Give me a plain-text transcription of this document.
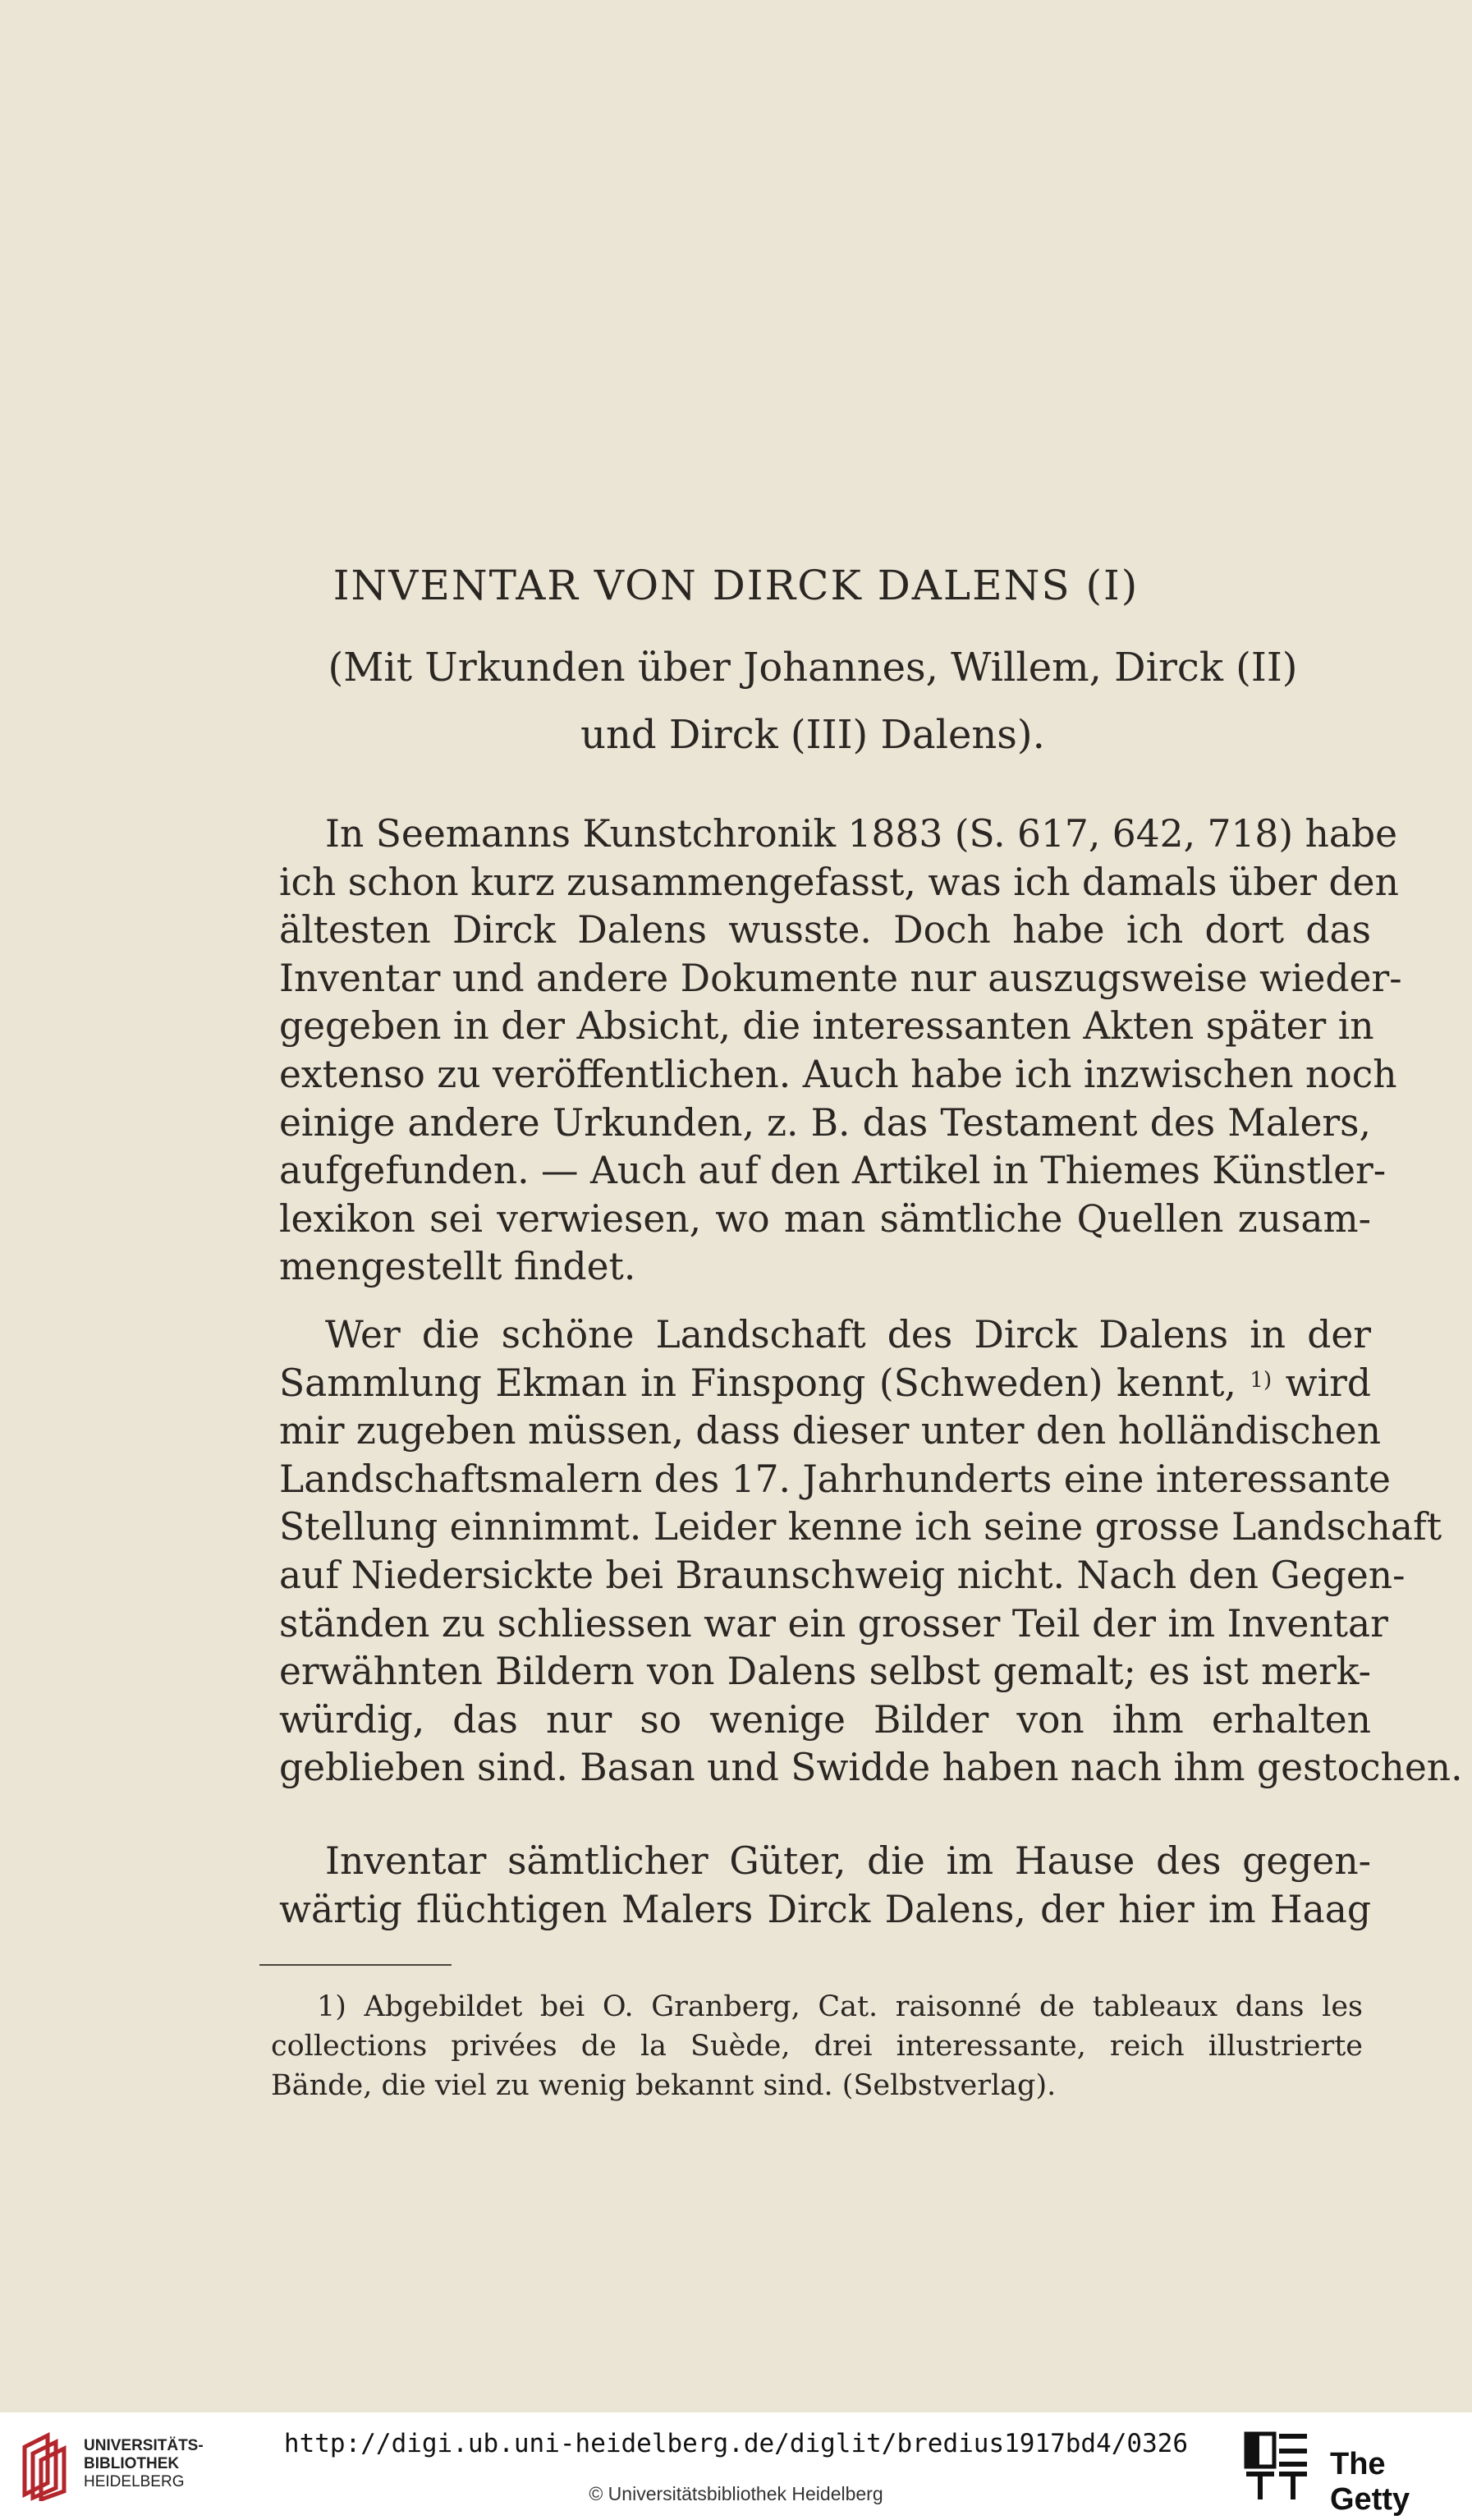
INVENTAR VON DIRCK DALENS (I)
(Mit Urkunden über Johannes, Willem, Dirck (II)
und Dirck (III) Dalens).
In Seemanns Kunstchronik 1883 (S. 617, 642, 718) habe
ich schon kurz zusammengefasst, was ich damals über den
ältesten Dirck Dalens wusste. Doch habe ich dort das
Inventar und andere Dokumente nur auszugsweise wieder-
gegeben in der Absicht, die interessanten Akten später in
extenso zu veröffentlichen. Auch habe ich inzwischen noch
einige andere Urkunden, z. B. das Testament des Malers,
aufgefunden. — Auch auf den Artikel in Thiemes Künstler-
lexikon sei verwiesen, wo man sämtliche Quellen zusam-
mengestellt findet.
Wer die schöne Landschaft des Dirck Dalens in der
Sammlung Ekman in Finspong (Schweden) kennt, $^{1)}$ wird
mir zugeben müssen, dass dieser unter den holländischen
Landschaftsmalern des 17. Jahrhunderts eine interessante
Stellung einnimmt. Leider kenne ich seine grosse Landschaft
auf Niedersickte bei Braunschweig nicht. Nach den Gegen-
ständen zu schliessen war ein grosser Teil der im Inventar
erwähnten Bildern von Dalens selbst gemalt; es ist merk-
würdig, das nur so wenige Bilder von ihm erhalten
geblieben sind. Basan und Swidde haben nach ihm gestochen.
Inventar sämtlicher Güter, die im Hause des gegen-
wärtig flüchtigen Malers Dirck Dalens, der hier im Haag
1) Abgebildet bei O. Granberg, Cat. raisonné de tableaux dans les
collections privées de la Suède, drei interessante, reich illustrierte
Bände, die viel zu wenig bekannt sind. (Selbstverlag).
UNIVERSITÄTS-
BIBLIOTHEK
HEIDELBERG
http://digi.ub.uni-heidelberg.de/diglit/bredius1917bd4/0326
© Universitätsbibliothek Heidelberg
The Getty
